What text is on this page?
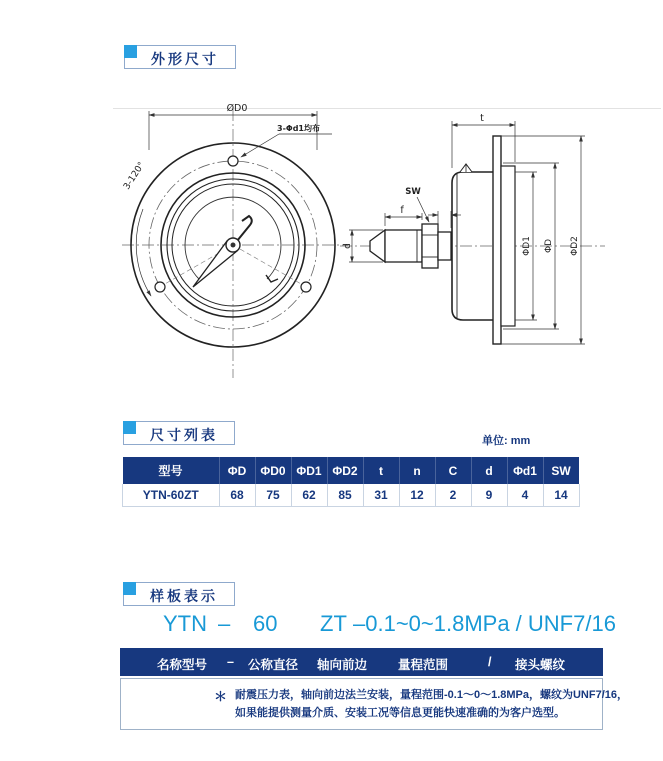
外形尺寸
ØD0
3-Φd1均布
3-120°
t
f
SW
d	ΦD1 ΦD ΦD2
尺寸列表	单位: mm
型号	ΦD	ΦD0	ΦD1	ΦD2	t	n	C	d	Φd1	SW
YTN-60ZT	68	75	62	85	31	12	2	9	4	14
样板表示
YTN – 60 ZT –0.1~0~1.8MPa / UNF7/16
名称型号 – 公称直径 轴向前边 量程范围	/ 接头螺纹
＊ 耐震压力表，轴向前边法兰安装，量程范围-0.1～0～1.8MPa，螺纹为UNF7/16，
如果能提供测量介质、安装工况等信息更能快速准确的为客户选型。
